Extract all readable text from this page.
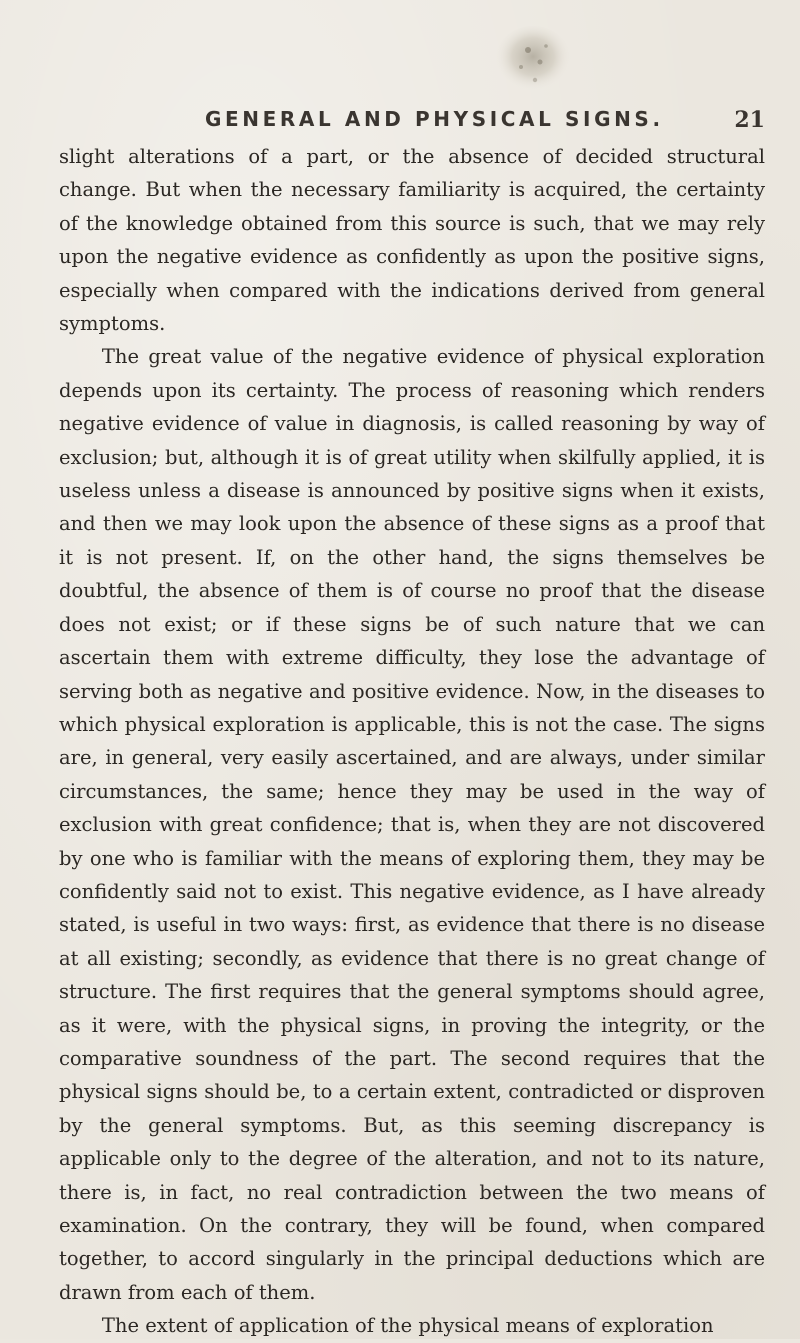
GENERAL AND PHYSICAL SIGNS.	21

slight alterations of a part, or the absence of decided structural change. But when the necessary familiarity is acquired, the certainty of the knowledge obtained from this source is such, that we may rely upon the negative evidence as confidently as upon the positive signs, especially when compared with the indications derived from general symptoms.

The great value of the negative evidence of physical exploration depends upon its certainty. The process of reasoning which renders negative evidence of value in diagnosis, is called reasoning by way of exclusion; but, although it is of great utility when skilfully applied, it is useless unless a disease is announced by positive signs when it exists, and then we may look upon the absence of these signs as a proof that it is not present. If, on the other hand, the signs themselves be doubtful, the absence of them is of course no proof that the disease does not exist; or if these signs be of such nature that we can ascertain them with extreme difficulty, they lose the advantage of serving both as negative and positive evidence. Now, in the diseases to which physical exploration is applicable, this is not the case. The signs are, in general, very easily ascertained, and are always, under similar circumstances, the same; hence they may be used in the way of exclusion with great confidence; that is, when they are not discovered by one who is familiar with the means of exploring them, they may be confidently said not to exist. This negative evidence, as I have already stated, is useful in two ways: first, as evidence that there is no disease at all existing; secondly, as evidence that there is no great change of structure. The first requires that the general symptoms should agree, as it were, with the physical signs, in proving the integrity, or the comparative soundness of the part. The second requires that the physical signs should be, to a certain extent, contradicted or disproven by the general symptoms. But, as this seeming discrepancy is applicable only to the degree of the alteration, and not to its nature, there is, in fact, no real contradiction between the two means of examination. On the contrary, they will be found, when compared together, to accord singularly in the principal deductions which are drawn from each of them.

The extent of application of the physical means of exploration
